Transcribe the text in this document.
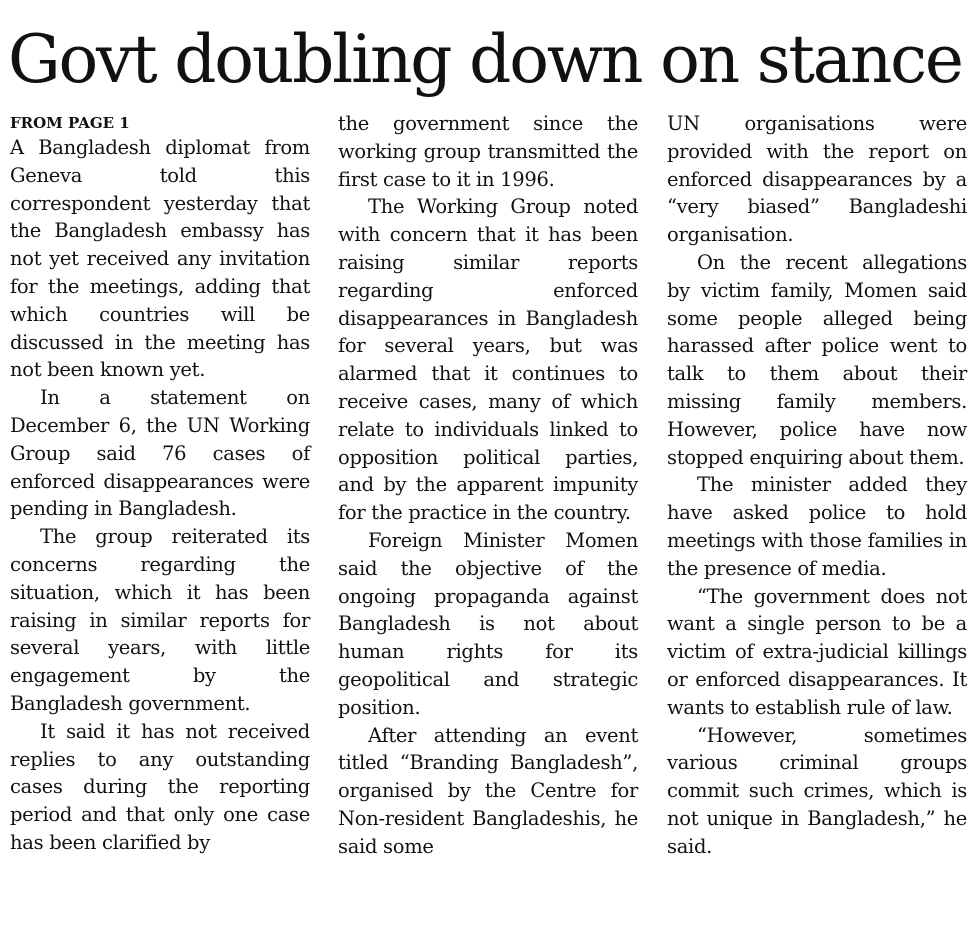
Govt doubling down on stance
FROM PAGE 1

A Bangladesh diplomat from Geneva told this correspondent yesterday that the Bangladesh embassy has not yet received any invitation for the meetings, adding that which countries will be discussed in the meeting has not been known yet.

In a statement on December 6, the UN Working Group said 76 cases of enforced disappearances were pending in Bangladesh.

The group reiterated its concerns regarding the situation, which it has been raising in similar reports for several years, with little engagement by the Bangladesh government.

It said it has not received replies to any outstanding cases during the reporting period and that only one case has been clarified by

the government since the working group transmitted the first case to it in 1996.

The Working Group noted with concern that it has been raising similar reports regarding enforced disappearances in Bangladesh for several years, but was alarmed that it continues to receive cases, many of which relate to individuals linked to opposition political parties, and by the apparent impunity for the practice in the country.

Foreign Minister Momen said the objective of the ongoing propaganda against Bangladesh is not about human rights for its geopolitical and strategic position.

After attending an event titled “Branding Bangladesh”, organised by the Centre for Non-resident Bangladeshis, he said some

UN organisations were provided with the report on enforced disappearances by a “very biased” Bangladeshi organisation.

On the recent allegations by victim family, Momen said some people alleged being harassed after police went to talk to them about their missing family members. However, police have now stopped enquiring about them.

The minister added they have asked police to hold meetings with those families in the presence of media.

“The government does not want a single person to be a victim of extra-judicial killings or enforced disappearances. It wants to establish rule of law.

“However, sometimes various criminal groups commit such crimes, which is not unique in Bangladesh,” he said.
